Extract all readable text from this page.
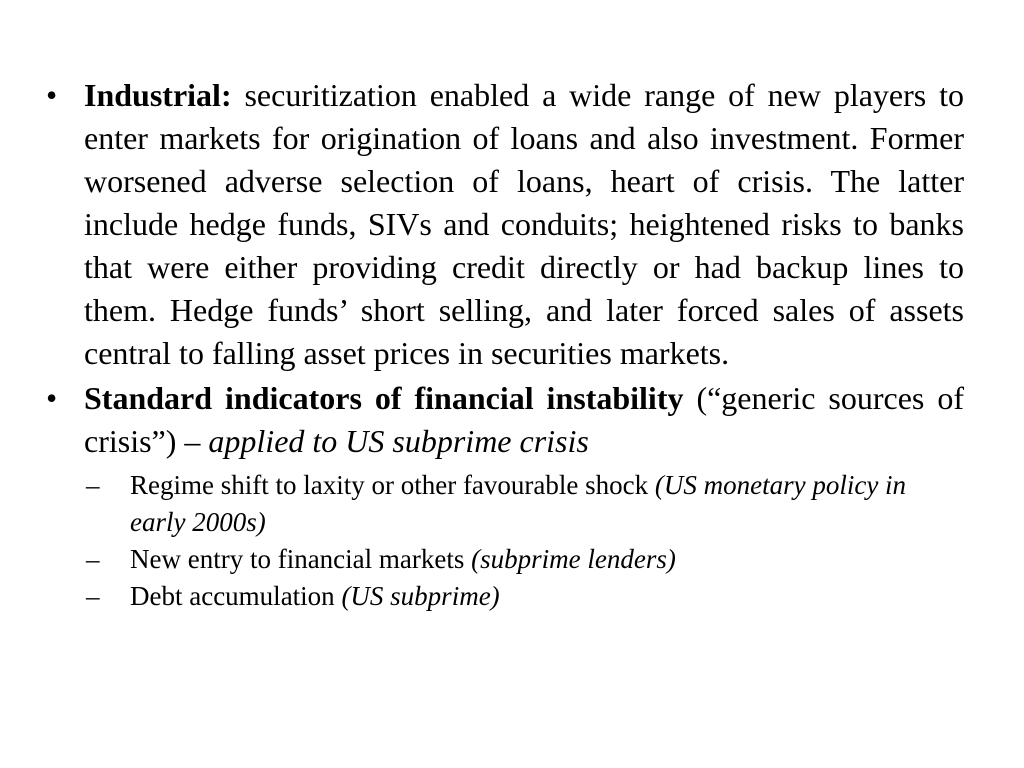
• Industrial: securitization enabled a wide range of new players to enter markets for origination of loans and also investment. Former worsened adverse selection of loans, heart of crisis. The latter include hedge funds, SIVs and conduits; heightened risks to banks that were either providing credit directly or had backup lines to them. Hedge funds’ short selling, and later forced sales of assets central to falling asset prices in securities markets.
• Standard indicators of financial instability (“generic sources of crisis”) – applied to US subprime crisis
– Regime shift to laxity or other favourable shock (US monetary policy in early 2000s)
– New entry to financial markets (subprime lenders)
– Debt accumulation (US subprime)
